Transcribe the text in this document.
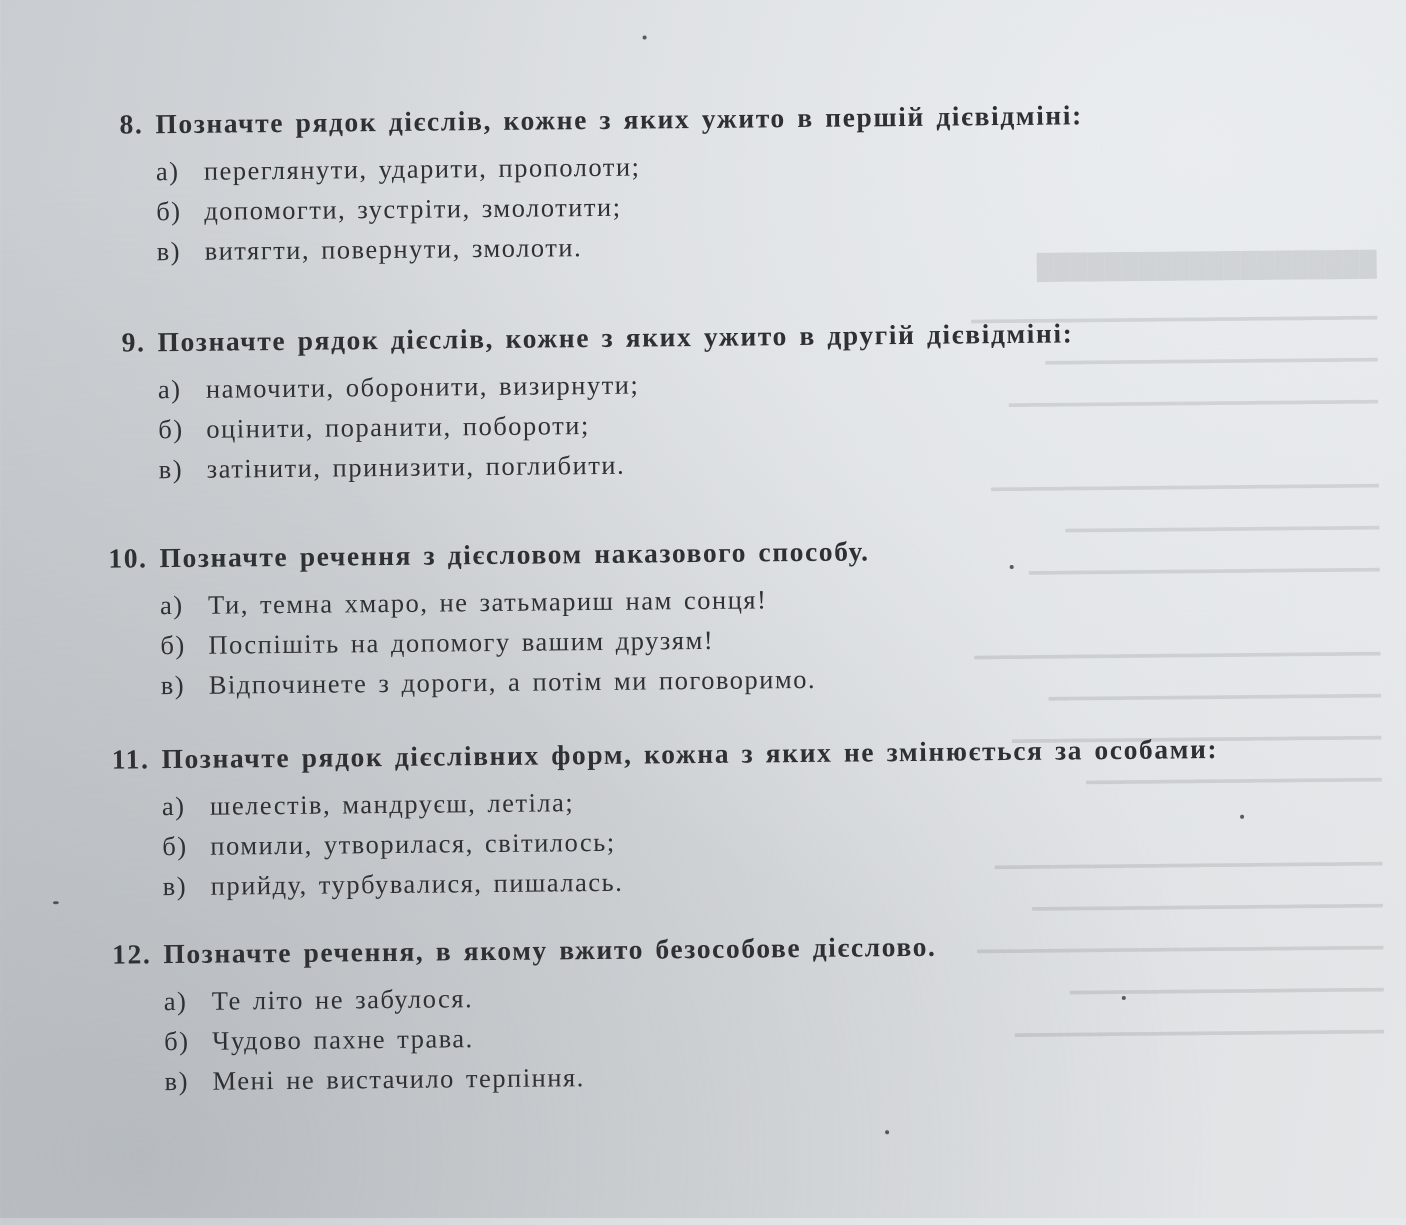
████████████████████
▁▁▁▁▁▁▁▁▁▁▁▁▁▁▁▁▁▁▁▁▁▁
▁▁▁▁▁▁▁▁▁▁▁▁▁▁▁▁▁▁
▁▁▁▁▁▁▁▁▁▁▁▁▁▁▁▁▁▁▁▁

▁▁▁▁▁▁▁▁▁▁▁▁▁▁▁▁▁▁▁▁▁
▁▁▁▁▁▁▁▁▁▁▁▁▁▁▁▁▁
▁▁▁▁▁▁▁▁▁▁▁▁▁▁▁▁▁▁▁

▁▁▁▁▁▁▁▁▁▁▁▁▁▁▁▁▁▁▁▁▁▁
▁▁▁▁▁▁▁▁▁▁▁▁▁▁▁▁▁▁
▁▁▁▁▁▁▁▁▁▁▁▁▁▁▁▁▁▁▁▁
▁▁▁▁▁▁▁▁▁▁▁▁▁▁▁▁

▁▁▁▁▁▁▁▁▁▁▁▁▁▁▁▁▁▁▁▁▁
▁▁▁▁▁▁▁▁▁▁▁▁▁▁▁▁▁▁▁
▁▁▁▁▁▁▁▁▁▁▁▁▁▁▁▁▁▁▁▁▁▁
▁▁▁▁▁▁▁▁▁▁▁▁▁▁▁▁▁
▁▁▁▁▁▁▁▁▁▁▁▁▁▁▁▁▁▁▁▁
8. Позначте рядок дієслів, кожне з яких ужито в першій дієвідміні:
а) переглянути, ударити, прополоти;
б) допомогти, зустріти, змолотити;
в) витягти, повернути, змолоти.
9. Позначте рядок дієслів, кожне з яких ужито в другій дієвідміні:
а) намочити, оборонити, визирнути;
б) оцінити, поранити, побороти;
в) затінити, принизити, поглибити.
10. Позначте речення з дієсловом наказового способу.
а) Ти, темна хмаро, не затьмариш нам сонця!
б) Поспішіть на допомогу вашим друзям!
в) Відпочинете з дороги, а потім ми поговоримо.
11. Позначте рядок дієслівних форм, кожна з яких не змінюється за особами:
а) шелестів, мандруєш, летіла;
б) помили, утворилася, світилось;
в) прийду, турбувалися, пишалась.
12. Позначте речення, в якому вжито безособове дієслово.
а) Те літо не забулося.
б) Чудово пахне трава.
в) Мені не вистачило терпіння.
